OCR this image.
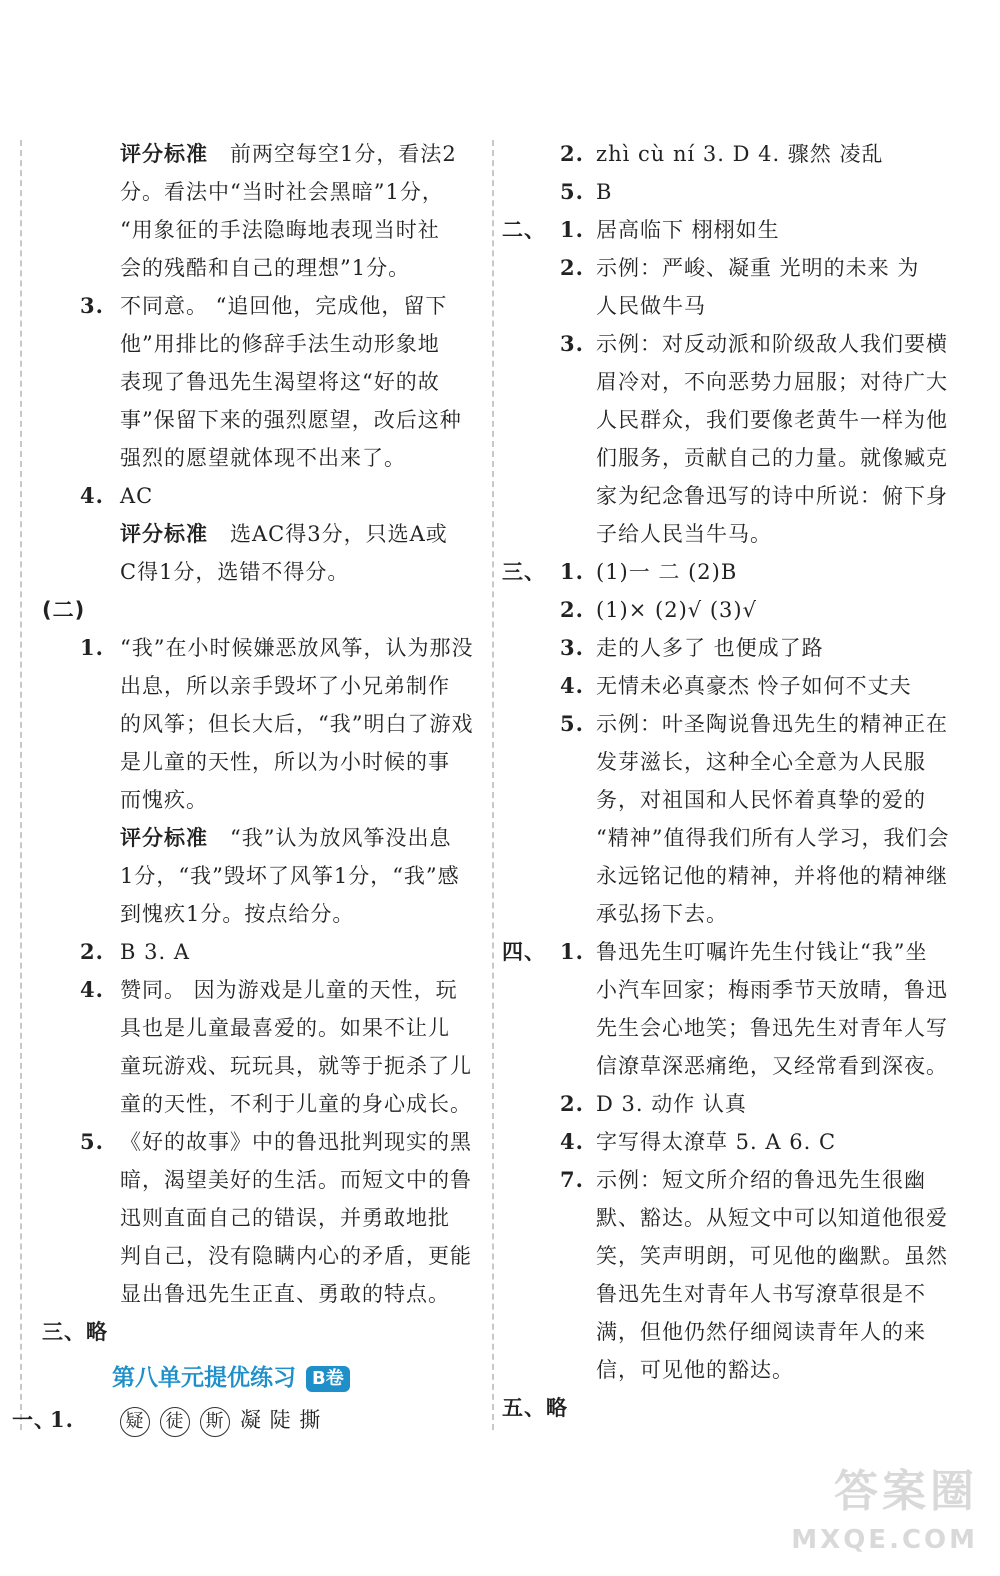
评分标准 前两空每空1分，看法2
分。看法中“当时社会黑暗”1分，
“用象征的手法隐晦地表现当时社
会的残酷和自己的理想”1分。
3. 不同意。 “追回他，完成他，留下
他”用排比的修辞手法生动形象地
表现了鲁迅先生渴望将这“好的故
事”保留下来的强烈愿望，改后这种
强烈的愿望就体现不出来了。
4. AC
评分标准 选AC得3分，只选A或
C得1分，选错不得分。
(二)
1. “我”在小时候嫌恶放风筝，认为那没
出息，所以亲手毁坏了小兄弟制作
的风筝；但长大后，“我”明白了游戏
是儿童的天性，所以为小时候的事
而愧疚。
评分标准 “我”认为放风筝没出息
1分，“我”毁坏了风筝1分，“我”感
到愧疚1分。按点给分。
2. B 3. A
4. 赞同。 因为游戏是儿童的天性，玩
具也是儿童最喜爱的。如果不让儿
童玩游戏、玩玩具，就等于扼杀了儿
童的天性，不利于儿童的身心成长。
5. 《好的故事》中的鲁迅批判现实的黑
暗，渴望美好的生活。而短文中的鲁
迅则直面自己的错误，并勇敢地批
判自己，没有隐瞒内心的矛盾，更能
显出鲁迅先生正直、勇敢的特点。
三、略
第八单元提优练习 B卷
一、
1.	疑 徒 斯 凝 陡 撕
2. zhì cù ní 3. D 4. 骤然 凌乱
5. B
二、 1. 居高临下 栩栩如生
2. 示例：严峻、凝重 光明的未来 为
人民做牛马
3. 示例：对反动派和阶级敌人我们要横
眉冷对，不向恶势力屈服；对待广大
人民群众，我们要像老黄牛一样为他
们服务，贡献自己的力量。就像臧克
家为纪念鲁迅写的诗中所说：俯下身
子给人民当牛马。
三、 1. (1)一 二 (2)B
2. (1)× (2)√ (3)√
3. 走的人多了 也便成了路
4. 无情未必真豪杰 怜子如何不丈夫
5. 示例：叶圣陶说鲁迅先生的精神正在
发芽滋长，这种全心全意为人民服
务，对祖国和人民怀着真挚的爱的
“精神”值得我们所有人学习，我们会
永远铭记他的精神，并将他的精神继
承弘扬下去。
四、 1. 鲁迅先生叮嘱许先生付钱让“我”坐
小汽车回家；梅雨季节天放晴，鲁迅
先生会心地笑；鲁迅先生对青年人写
信潦草深恶痛绝，又经常看到深夜。
2. D 3. 动作 认真
4. 字写得太潦草 5. A 6. C
7. 示例：短文所介绍的鲁迅先生很幽
默、豁达。从短文中可以知道他很爱
笑，笑声明朗，可见他的幽默。虽然
鲁迅先生对青年人书写潦草很是不
满，但他仍然仔细阅读青年人的来
信，可见他的豁达。
五、略
答案圈
MXQE.COM
